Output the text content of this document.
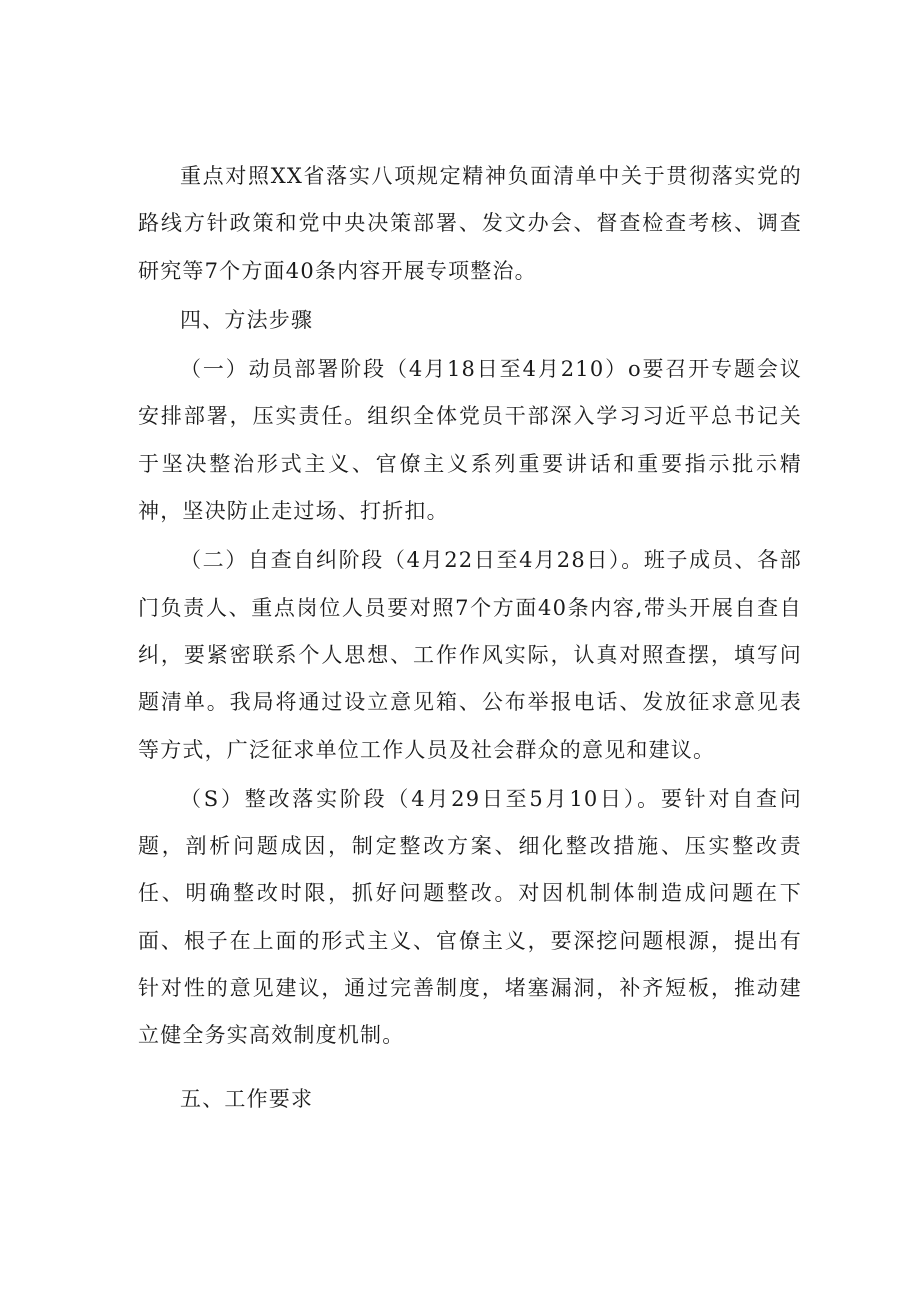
重点对照XX省落实八项规定精神负面清单中关于贯彻落实党的路线方针政策和党中央决策部署、发文办会、督查检查考核、调查研究等7个方面40条内容开展专项整治。

四、方法步骤

（一）动员部署阶段（4月18日至4月210）o要召开专题会议安排部署，压实责任。组织全体党员干部深入学习习近平总书记关于坚决整治形式主义、官僚主义系列重要讲话和重要指示批示精神，坚决防止走过场、打折扣。

（二）自查自纠阶段（4月22日至4月28日）。班子成员、各部门负责人、重点岗位人员要对照7个方面40条内容,带头开展自查自纠，要紧密联系个人思想、工作作风实际，认真对照查摆，填写问题清单。我局将通过设立意见箱、公布举报电话、发放征求意见表等方式，广泛征求单位工作人员及社会群众的意见和建议。

（S）整改落实阶段（4月29日至5月10日）。要针对自查问题，剖析问题成因，制定整改方案、细化整改措施、压实整改责任、明确整改时限，抓好问题整改。对因机制体制造成问题在下面、根子在上面的形式主义、官僚主义，要深挖问题根源，提出有针对性的意见建议，通过完善制度，堵塞漏洞，补齐短板，推动建立健全务实高效制度机制。

五、工作要求
